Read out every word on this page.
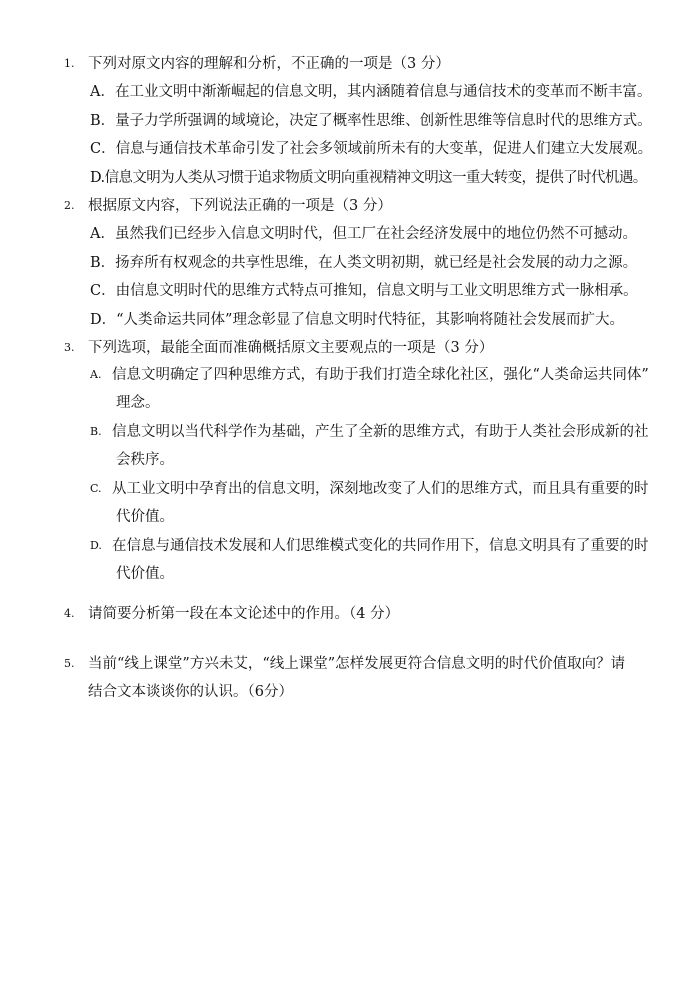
1. 下列对原文内容的理解和分析，不正确的一项是（3 分）
A．在工业文明中渐渐崛起的信息文明，其内涵随着信息与通信技术的变革而不断丰富。
B．量子力学所强调的域境论，决定了概率性思维、创新性思维等信息时代的思维方式。
C．信息与通信技术革命引发了社会多领域前所未有的大变革，促进人们建立大发展观。
D.信息文明为人类从习惯于追求物质文明向重视精神文明这一重大转变，提供了时代机遇。
2. 根据原文内容，下列说法正确的一项是（3 分）
A．虽然我们已经步入信息文明时代，但工厂在社会经济发展中的地位仍然不可撼动。
B．扬弃所有权观念的共享性思维，在人类文明初期，就已经是社会发展的动力之源。
C．由信息文明时代的思维方式特点可推知，信息文明与工业文明思维方式一脉相承。
D．“人类命运共同体”理念彰显了信息文明时代特征，其影响将随社会发展而扩大。
3. 下列选项，最能全面而准确概括原文主要观点的一项是（3 分）
A. 信息文明确定了四种思维方式，有助于我们打造全球化社区，强化“人类命运共同体”
理念。
B. 信息文明以当代科学作为基础，产生了全新的思维方式，有助于人类社会形成新的社
会秩序。
C. 从工业文明中孕育出的信息文明，深刻地改变了人们的思维方式，而且具有重要的时
代价值。
D. 在信息与通信技术发展和人们思维模式变化的共同作用下，信息文明具有了重要的时
代价值。
4. 请简要分析第一段在本文论述中的作用。（4 分）
5. 当前“线上课堂”方兴未艾，“线上课堂”怎样发展更符合信息文明的时代价值取向？请
结合文本谈谈你的认识。（6分）
